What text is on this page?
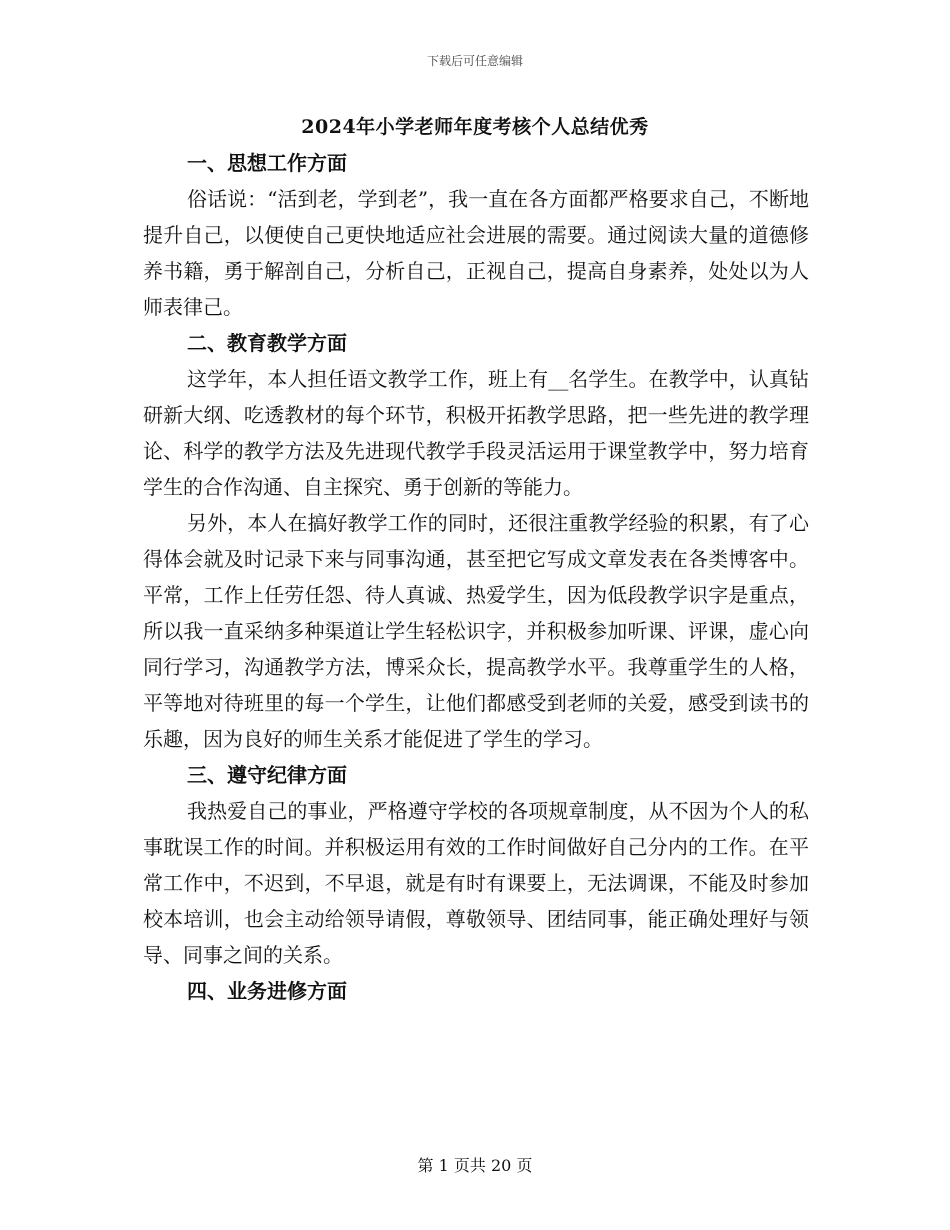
下载后可任意编辑
2024年小学老师年度考核个人总结优秀
一、思想工作方面

俗话说：“活到老，学到老”，我一直在各方面都严格要求自己，不断地提升自己，以便使自己更快地适应社会进展的需要。通过阅读大量的道德修养书籍，勇于解剖自己，分析自己，正视自己，提高自身素养，处处以为人师表律己。

二、教育教学方面

这学年，本人担任语文教学工作，班上有__名学生。在教学中，认真钻研新大纲、吃透教材的每个环节，积极开拓教学思路，把一些先进的教学理论、科学的教学方法及先进现代教学手段灵活运用于课堂教学中，努力培育学生的合作沟通、自主探究、勇于创新的等能力。

另外，本人在搞好教学工作的同时，还很注重教学经验的积累，有了心得体会就及时记录下来与同事沟通，甚至把它写成文章发表在各类博客中。平常，工作上任劳任怨、待人真诚、热爱学生，因为低段教学识字是重点，所以我一直采纳多种渠道让学生轻松识字，并积极参加听课、评课，虚心向同行学习，沟通教学方法，博采众长，提高教学水平。我尊重学生的人格，平等地对待班里的每一个学生，让他们都感受到老师的关爱，感受到读书的乐趣，因为良好的师生关系才能促进了学生的学习。

三、遵守纪律方面

我热爱自己的事业，严格遵守学校的各项规章制度，从不因为个人的私事耽误工作的时间。并积极运用有效的工作时间做好自己分内的工作。在平常工作中，不迟到，不早退，就是有时有课要上，无法调课，不能及时参加校本培训，也会主动给领导请假，尊敬领导、团结同事，能正确处理好与领导、同事之间的关系。

四、业务进修方面
第 1 页共 20 页
